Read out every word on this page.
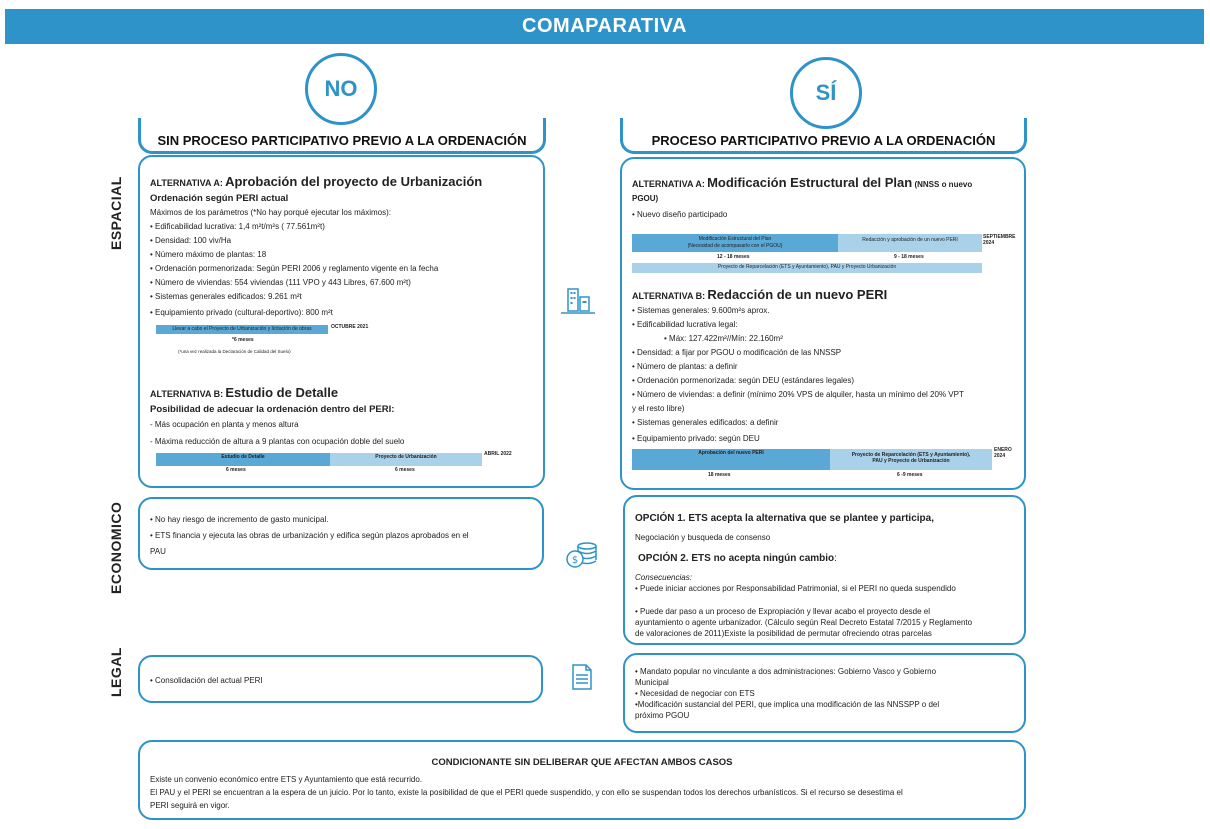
COMAPARATIVA
NO	SÍ
SIN PROCESO PARTICIPATIVO PREVIO A LA ORDENACIÓN	PROCESO PARTICIPATIVO PREVIO A LA ORDENACIÓN
ESPACIAL
ECONOMICO
LEGAL
ALTERNATIVA A: Aprobación del proyecto de Urbanización
Ordenación según PERI actual
Máximos de los parámetros (*No hay porqué ejecutar los máximos):
• Edificabilidad lucrativa: 1,4 m²t/m²s ( 77.561m²t)
• Densidad: 100 viv/Ha
• Número máximo de plantas: 18
• Ordenación pormenorizada: Según PERI 2006 y reglamento vigente en la fecha
• Número de viviendas: 554 viviendas (111 VPO y 443 Libres, 67.600 m²t)
• Sistemas generales edificados: 9.261 m²t
• Equipamiento privado (cultural-deportivo): 800 m²t
Llevar a cabo el Proyecto de Urbanización y licitación de obras	OCTUBRE 2021
*6 meses
(*una vez realizada la Declaración de Calidad del Suelo)
ALTERNATIVA B: Estudio de Detalle
Posibilidad de adecuar la ordenación dentro del PERI:
- Más ocupación en planta y menos altura
- Máxima reducción de altura a 9 plantas con ocupación doble del suelo
Estudio de Detalle	Proyecto de Urbanización	ABRIL 2022
6 meses	6 meses
ALTERNATIVA A: Modificación Estructural del Plan (NNSS o nuevo
PGOU)
• Nuevo diseño participado
Modificación Estructural del Plan
(Necesidad de acompasarlo con el PGOU)
Redacción y aprobación de un nuevo PERI	SEPTIEMBRE 2024
12 - 18 meses	9 - 18 meses
Proyecto de Reparcelación (ETS y Ayuntamiento), PAU y Proyecto Urbanización
ALTERNATIVA B: Redacción de un nuevo PERI
• Sistemas generales: 9.600m²s aprox.
• Edificabilidad lucrativa legal:
• Máx: 127.422m²//Mín: 22.160m²
• Densidad: a fijar por PGOU o modificación de las NNSSP
• Número de plantas: a definir
• Ordenación pormenorizada: según DEU (estándares legales)
• Número de viviendas: a definir (mínimo 20% VPS de alquiler, hasta un mínimo del 20% VPT
y el resto libre)
• Sistemas generales edificados: a definir
• Equipamiento privado: según DEU
Aprobación del nuevo PERI	Proyecto de Reparcelación (ETS y Ayuntamiento),
PAU y Proyecto de Urbanización
ENERO 2024
18 meses	6 -9 meses
• No hay riesgo de incremento de gasto municipal.
• ETS financia y ejecuta las obras de urbanización y edifica según plazos aprobados en el
PAU
OPCIÓN 1. ETS acepta la alternativa que se plantee y participa,
Negociación y busqueda de consenso
OPCIÓN 2. ETS no acepta ningún cambio:
Consecuencias:
• Puede iniciar acciones por Responsabilidad Patrimonial, si el PERI no queda suspendido
• Puede dar paso a un proceso de Expropiación y llevar acabo el proyecto desde el
ayuntamiento o agente urbanizador. (Cálculo según Real Decreto Estatal 7/2015 y Reglamento
de valoraciones de 2011)Existe la posibilidad de permutar ofreciendo otras parcelas
• Consolidación del actual PERI
• Mandato popular no vinculante a dos administraciones: Gobierno Vasco y Gobierno
Municipal
• Necesidad de negociar con ETS
•Modificación sustancial del PERI, que implica una modificación de las NNSSPP o del
próximo PGOU
CONDICIONANTE SIN DELIBERAR QUE AFECTAN AMBOS CASOS
Existe un convenio económico entre ETS y Ayuntamiento que está recurrido.
El PAU y el PERI se encuentran a la espera de un juicio. Por lo tanto, existe la posibilidad de que el PERI quede suspendido, y con ello se suspendan todos los derechos urbanísticos. Si el recurso se desestima el
PERI seguirá en vigor.
$
